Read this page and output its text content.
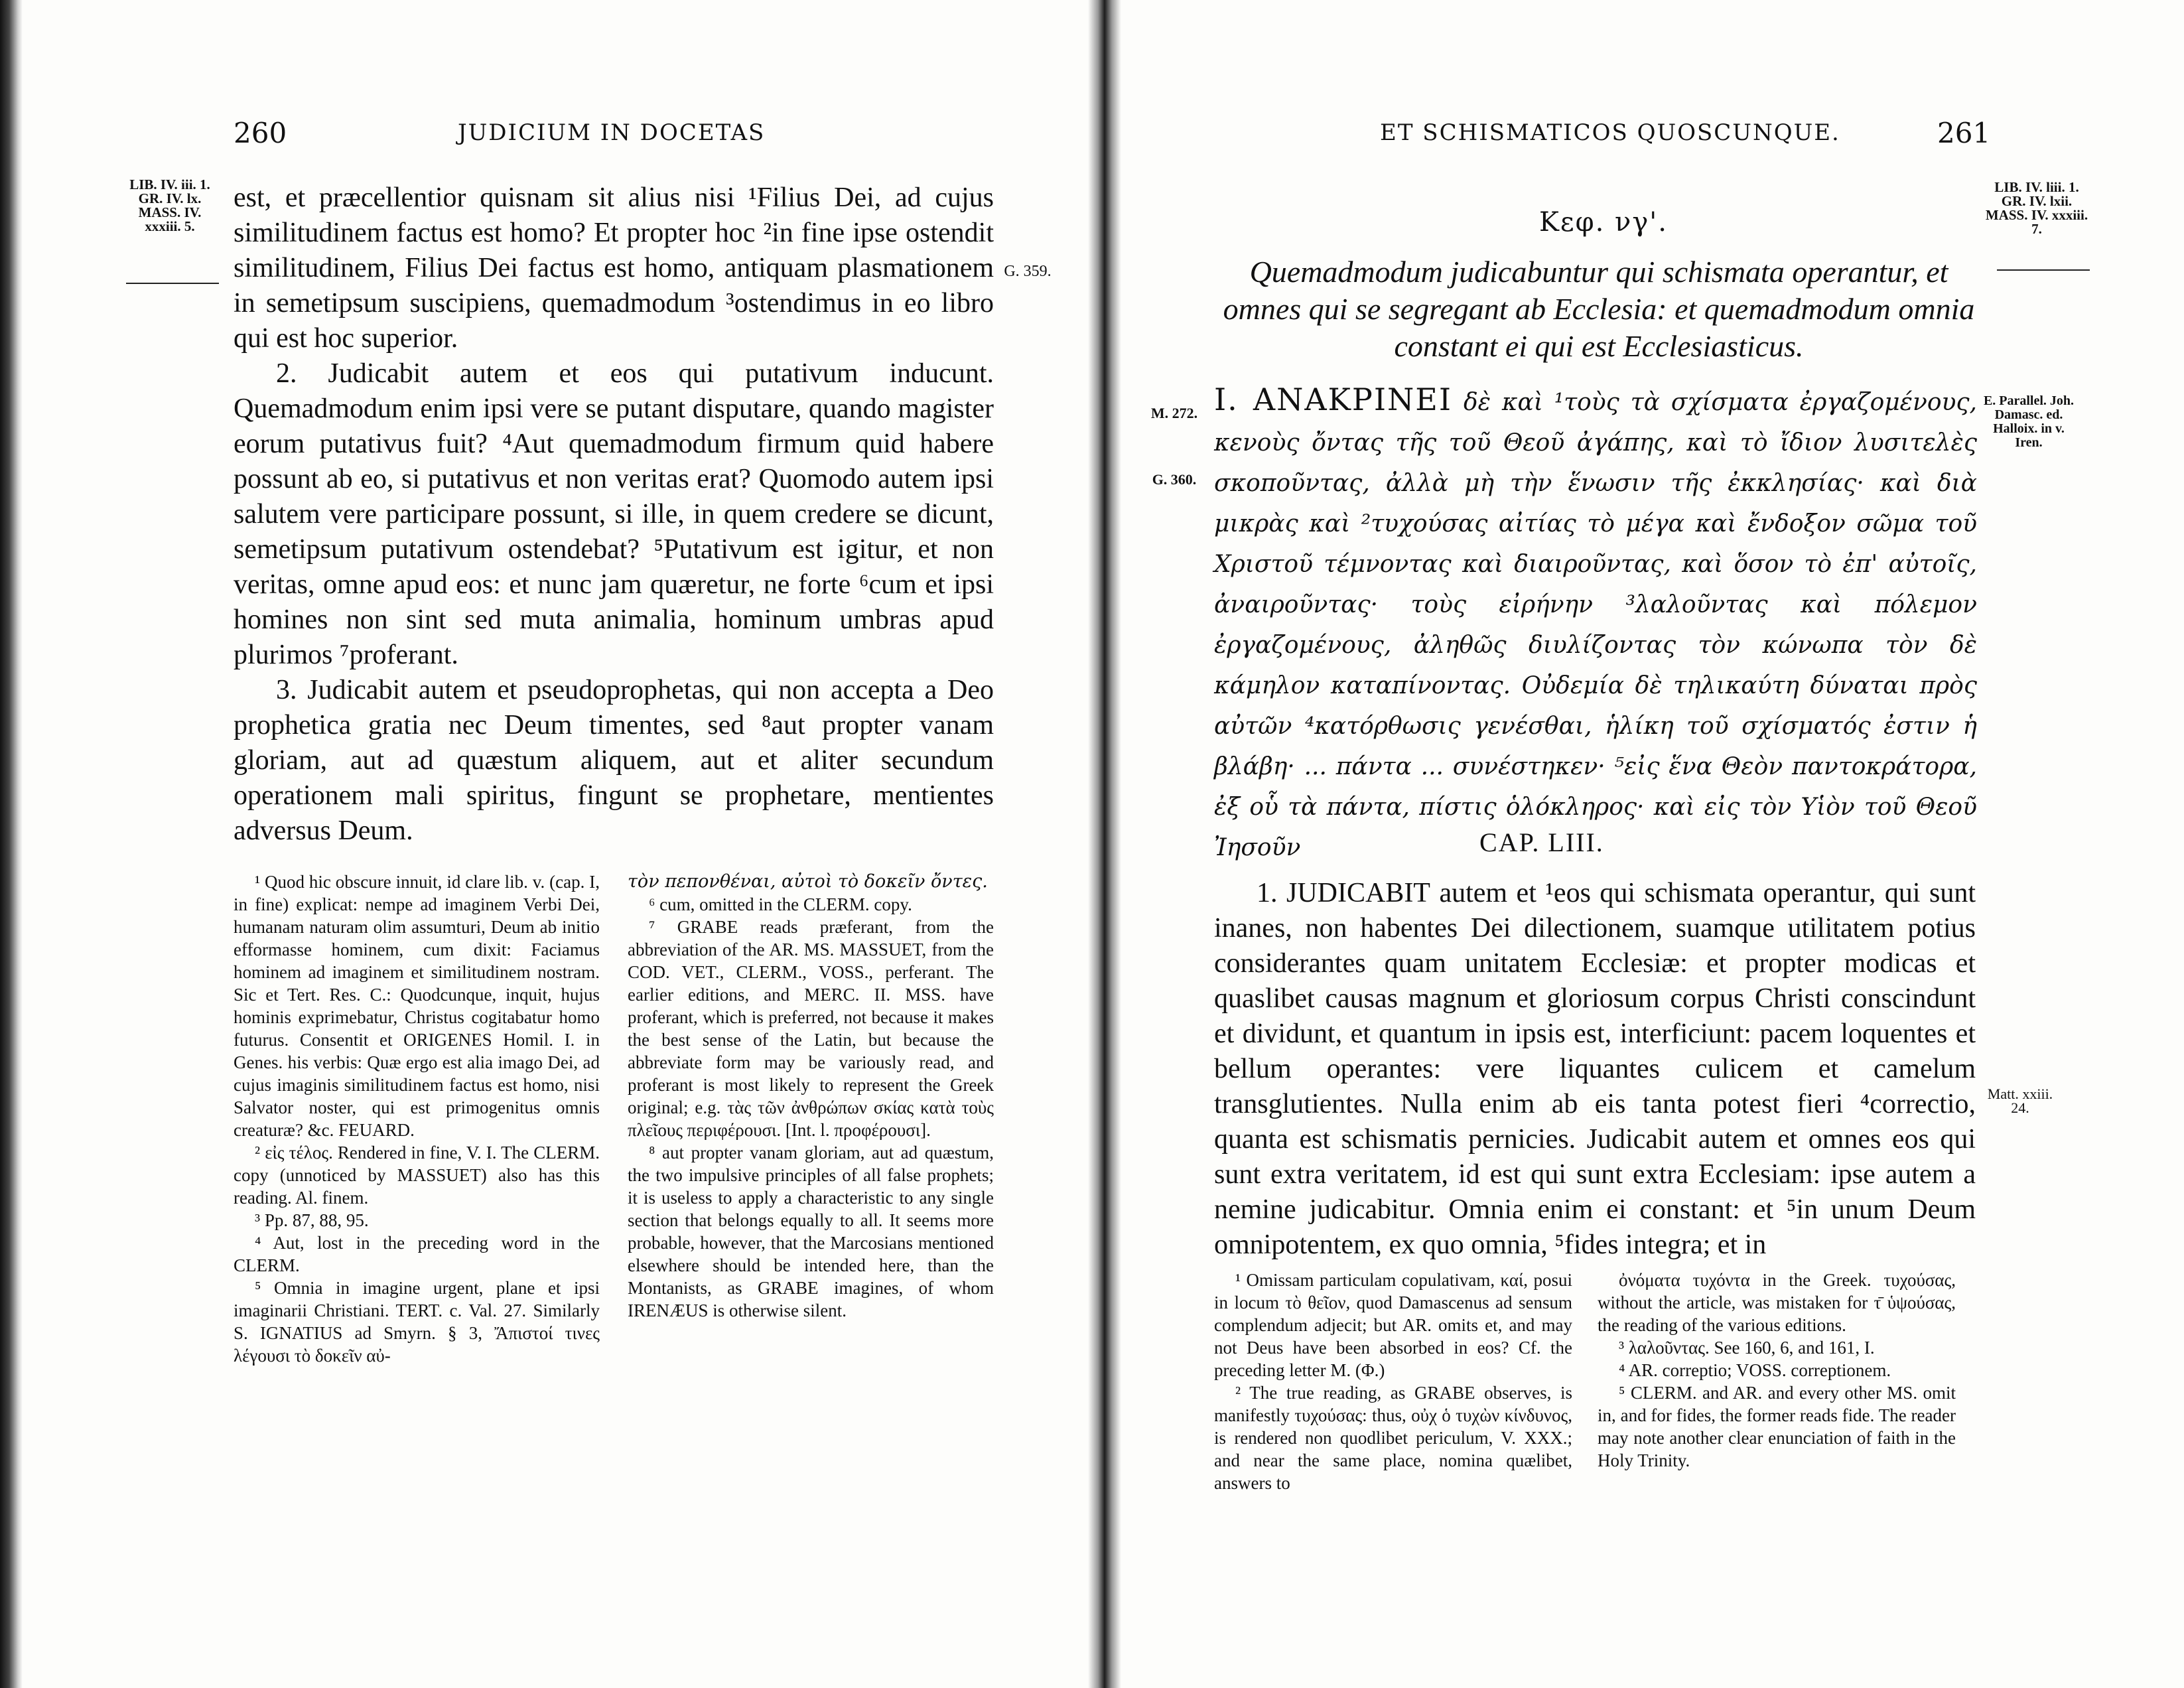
260	JUDICIUM IN DOCETAS
LIB. IV. iii. 1. GR. IV. lx. MASS. IV. xxxiii. 5.
G. 359.

est, et præcellentior quisnam sit alius nisi ¹Filius Dei, ad cujus similitudinem factus est homo? Et propter hoc ²in fine ipse ostendit similitudinem, Filius Dei factus est homo, antiquam plasmationem in semetipsum suscipiens, quemadmodum ³ostendimus in eo libro qui est hoc superior.

2. Judicabit autem et eos qui putativum inducunt. Quemadmodum enim ipsi vere se putant disputare, quando magister eorum putativus fuit? ⁴Aut quemadmodum firmum quid habere possunt ab eo, si putativus et non veritas erat? Quomodo autem ipsi salutem vere participare possunt, si ille, in quem credere se dicunt, semetipsum putativum ostendebat? ⁵Putativum est igitur, et non veritas, omne apud eos: et nunc jam quæretur, ne forte ⁶cum et ipsi homines non sint sed muta animalia, hominum umbras apud plurimos ⁷proferant.

3. Judicabit autem et pseudoprophetas, qui non accepta a Deo prophetica gratia nec Deum timentes, sed ⁸aut propter vanam gloriam, aut ad quæstum aliquem, aut et aliter secundum operationem mali spiritus, fingunt se prophetare, mentientes adversus Deum.

¹ Quod hic obscure innuit, id clare lib. v. (cap. I, in fine) explicat: nempe ad imaginem Verbi Dei, humanam naturam olim assumturi, Deum ab initio efformasse hominem, cum dixit: Faciamus hominem ad imaginem et similitudinem nostram. Sic et Tert. Res. C.: Quodcunque, inquit, hujus hominis exprimebatur, Christus cogitabatur homo futurus. Consentit et ORIGENES Homil. I. in Genes. his verbis: Quæ ergo est alia imago Dei, ad cujus imaginis similitudinem factus est homo, nisi Salvator noster, qui est primogenitus omnis creaturæ? &c. FEUARD.

² εἰς τέλος. Rendered in fine, V. I. The CLERM. copy (unnoticed by MASSUET) also has this reading. Al. finem.

³ Pp. 87, 88, 95.

⁴ Aut, lost in the preceding word in the CLERM.

⁵ Omnia in imagine urgent, plane et ipsi imaginarii Christiani. TERT. c. Val. 27. Similarly S. IGNATIUS ad Smyrn. § 3, Ἄπιστοί τινες λέγουσι τὸ δοκεῖν αὐ-

τὸν πεπονθέναι, αὐτοὶ τὸ δοκεῖν ὄντες.

⁶ cum, omitted in the CLERM. copy.

⁷ GRABE reads præferant, from the abbreviation of the AR. MS. MASSUET, from the COD. VET., CLERM., VOSS., perferant. The earlier editions, and MERC. II. MSS. have proferant, which is preferred, not because it makes the best sense of the Latin, but because the abbreviate form may be variously read, and proferant is most likely to represent the Greek original; e.g. τὰς τῶν ἀνθρώπων σκίας κατὰ τοὺς πλεῖους περιφέρουσι. [Int. l. προφέρουσι].

⁸ aut propter vanam gloriam, aut ad quæstum, the two impulsive principles of all false prophets; it is useless to apply a characteristic to any single section that belongs equally to all. It seems more probable, however, that the Marcosians mentioned elsewhere should be intended here, than the Montanists, as GRABE imagines, of whom IRENÆUS is otherwise silent.

ET SCHISMATICOS QUOSCUNQUE.	261
LIB. IV. liii. 1. GR. IV. lxii. MASS. IV. xxxiii. 7.
Κεφ. νγ'.
Quemadmodum judicabuntur qui schismata operantur, et omnes qui se segregant ab Ecclesia: et quemadmodum omnia constant ei qui est Ecclesiasticus.
M. 272.
G. 360.
E. Parallel. Joh. Damasc. ed. Halloix. in v. Iren.

I. ΑΝΑΚΡΙΝΕΙ δὲ καὶ ¹τοὺς τὰ σχίσματα ἐργαζομένους, κενοὺς ὄντας τῆς τοῦ Θεοῦ ἀγάπης, καὶ τὸ ἴδιον λυσιτελὲς σκοποῦντας, ἀλλὰ μὴ τὴν ἕνωσιν τῆς ἐκκλησίας· καὶ διὰ μικρὰς καὶ ²τυχούσας αἰτίας τὸ μέγα καὶ ἔνδοξον σῶμα τοῦ Χριστοῦ τέμνοντας καὶ διαιροῦντας, καὶ ὅσον τὸ ἐπ' αὐτοῖς, ἀναιροῦντας· τοὺς εἰρήνην ³λαλοῦντας καὶ πόλεμον ἐργαζομένους, ἀληθῶς διυλίζοντας τὸν κώνωπα τὸν δὲ κάμηλον καταπίνοντας. Οὐδεμία δὲ τηλικαύτη δύναται πρὸς αὐτῶν ⁴κατόρθωσις γενέσθαι, ἡλίκη τοῦ σχίσματός ἐστιν ἡ βλάβη· ... πάντα ... συνέστηκεν· ⁵εἰς ἕνα Θεὸν παντοκράτορα, ἐξ οὗ τὰ πάντα, πίστις ὁλόκληρος· καὶ εἰς τὸν Υἱὸν τοῦ Θεοῦ Ἰησοῦν	CAP. LIII.

1. JUDICABIT autem et ¹eos qui schismata operantur, qui sunt inanes, non habentes Dei dilectionem, suamque utilitatem potius considerantes quam unitatem Ecclesiæ: et propter modicas et quaslibet causas magnum et gloriosum corpus Christi conscindunt et dividunt, et quantum in ipsis est, interficiunt: pacem loquentes et bellum operantes: vere liquantes culicem et camelum transglutientes. Nulla enim ab eis tanta potest fieri ⁴correctio, quanta est schismatis pernicies. Judicabit autem et omnes eos qui sunt extra veritatem, id est qui sunt extra Ecclesiam: ipse autem a nemine judicabitur. Omnia enim ei constant: et ⁵in unum Deum omnipotentem, ex quo omnia, ⁵fides integra; et in

Matt. xxiii. 24.

¹ Omissam particulam copulativam, καί, posui in locum τὸ θεῖον, quod Damascenus ad sensum complendum adjecit; but AR. omits et, and may not Deus have been absorbed in eos? Cf. the preceding letter M. (Φ.)

² The true reading, as GRABE observes, is manifestly τυχούσας: thus, οὐχ ὁ τυχὼν κίνδυνος, is rendered non quodlibet periculum, V. XXX.; and near the same place, nomina quælibet, answers to

ὀνόματα τυχόντα in the Greek. τυχούσας, without the article, was mistaken for τ̄ ὑψούσας, the reading of the various editions.

³ λαλοῦντας. See 160, 6, and 161, I.

⁴ AR. correptio; VOSS. correptionem.

⁵ CLERM. and AR. and every other MS. omit in, and for fides, the former reads fide. The reader may note another clear enunciation of faith in the Holy Trinity.
